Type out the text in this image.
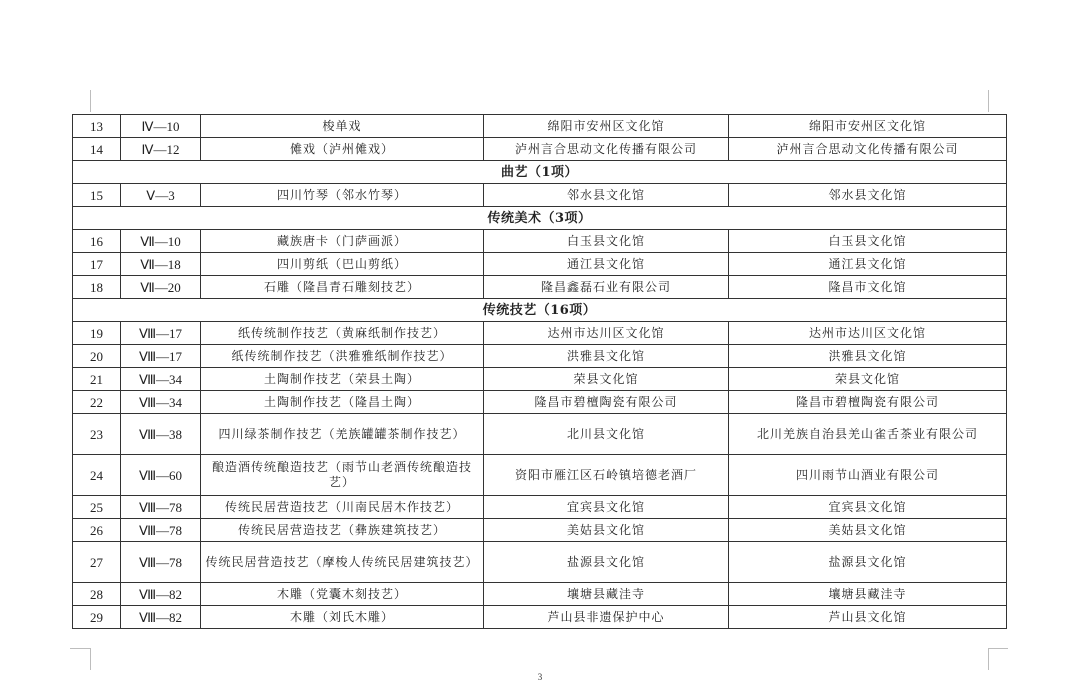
13	Ⅳ—10	梭单戏	绵阳市安州区文化馆	绵阳市安州区文化馆
14	Ⅳ—12	傩戏（泸州傩戏）	泸州言合思动文化传播有限公司	泸州言合思动文化传播有限公司
曲艺（1项）				
15	Ⅴ—3	四川竹琴（邻水竹琴）	邻水县文化馆	邻水县文化馆
传统美术（3项）				
16	Ⅶ—10	藏族唐卡（门萨画派）	白玉县文化馆	白玉县文化馆
17	Ⅶ—18	四川剪纸（巴山剪纸）	通江县文化馆	通江县文化馆
18	Ⅶ—20	石雕（隆昌青石雕刻技艺）	隆昌鑫磊石业有限公司	隆昌市文化馆
传统技艺（16项）				
19	Ⅷ—17	纸传统制作技艺（黄麻纸制作技艺）	达州市达川区文化馆	达州市达川区文化馆
20	Ⅷ—17	纸传统制作技艺（洪雅雅纸制作技艺）	洪雅县文化馆	洪雅县文化馆
21	Ⅷ—34	土陶制作技艺（荣县土陶）	荣县文化馆	荣县文化馆
22	Ⅷ—34	土陶制作技艺（隆昌土陶）	隆昌市碧檀陶瓷有限公司	隆昌市碧檀陶瓷有限公司
23	Ⅷ—38	四川绿茶制作技艺（羌族罐罐茶制作技艺）	北川县文化馆	北川羌族自治县羌山雀舌茶业有限公司
24	Ⅷ—60	酿造酒传统酿造技艺（雨节山老酒传统酿造技艺）	资阳市雁江区石岭镇培德老酒厂	四川雨节山酒业有限公司
25	Ⅷ—78	传统民居营造技艺（川南民居木作技艺）	宜宾县文化馆	宜宾县文化馆
26	Ⅷ—78	传统民居营造技艺（彝族建筑技艺）	美姑县文化馆	美姑县文化馆
27	Ⅷ—78	传统民居营造技艺（摩梭人传统民居建筑技艺）	盐源县文化馆	盐源县文化馆
28	Ⅷ—82	木雕（党囊木刻技艺）	壤塘县藏洼寺	壤塘县藏洼寺
29	Ⅷ—82	木雕（刘氏木雕）	芦山县非遗保护中心	芦山县文化馆
3
